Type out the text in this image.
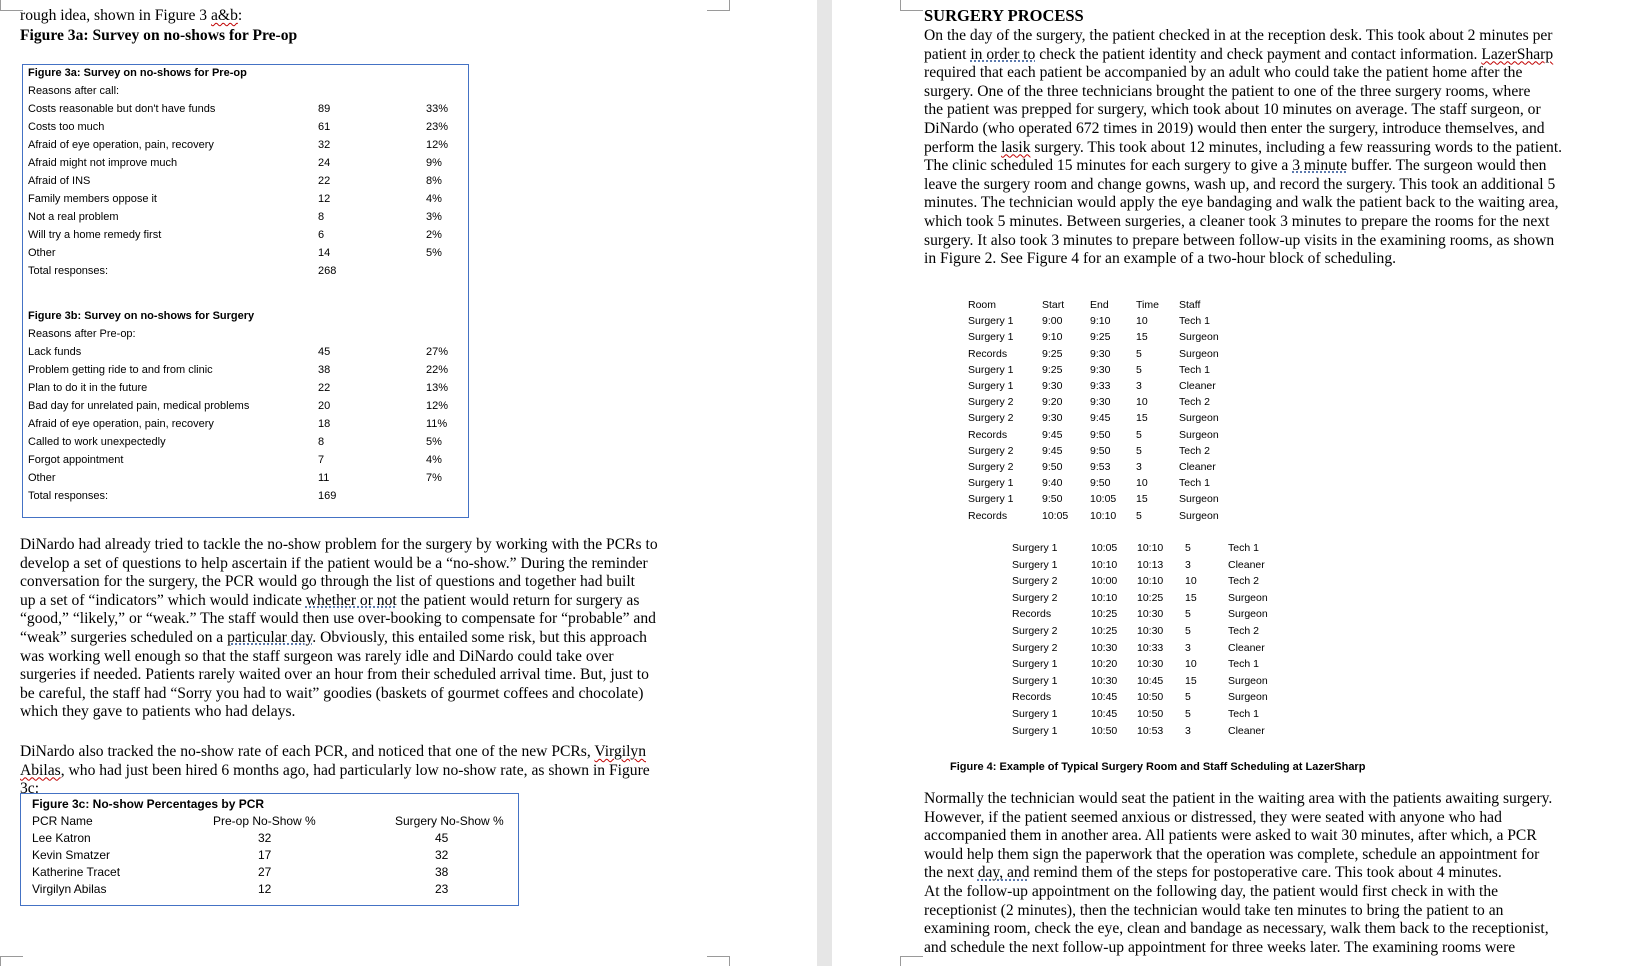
rough idea, shown in Figure 3 a&b:
Figure 3a: Survey on no-shows for Pre-op
Figure 3a: Survey on no-shows for Pre-op		
Reasons after call:		
Costs reasonable but don't have funds	89	33%
Costs too much	61	23%
Afraid of eye operation, pain, recovery	32	12%
Afraid might not improve much	24	9%
Afraid of INS	22	8%
Family members oppose it	12	4%
Not a real problem	8	3%
Will try a home remedy first	6	2%
Other	14	5%
Total responses:	268	
Figure 3b: Survey on no-shows for Surgery		
Reasons after Pre-op:		
Lack funds	45	27%
Problem getting ride to and from clinic	38	22%
Plan to do it in the future	22	13%
Bad day for unrelated pain, medical problems	20	12%
Afraid of eye operation, pain, recovery	18	11%
Called to work unexpectedly	8	5%
Forgot appointment	7	4%
Other	11	7%
Total responses:	169	
DiNardo had already tried to tackle the no-show problem for the surgery by working with the PCRs to
develop a set of questions to help ascertain if the patient would be a “no-show.” During the reminder
conversation for the surgery, the PCR would go through the list of questions and together had built
up a set of “indicators” which would indicate whether or not the patient would return for surgery as
“good,” “likely,” or “weak.” The staff would then use over-booking to compensate for “probable” and
“weak” surgeries scheduled on a particular day. Obviously, this entailed some risk, but this approach
was working well enough so that the staff surgeon was rarely idle and DiNardo could take over
surgeries if needed. Patients rarely waited over an hour from their scheduled arrival time. But, just to
be careful, the staff had “Sorry you had to wait” goodies (baskets of gourmet coffees and chocolate)
which they gave to patients who had delays.
DiNardo also tracked the no-show rate of each PCR, and noticed that one of the new PCRs, Virgilyn
Abilas, who had just been hired 6 months ago, had particularly low no-show rate, as shown in Figure
3c:
Figure 3c: No-show Percentages by PCR
PCR Name	Pre-op No-Show %	Surgery No-Show %
Lee Katron	32	45
Kevin Smatzer	17	32
Katherine Tracet	27	38
Virgilyn Abilas	12	23
SURGERY PROCESS
On the day of the surgery, the patient checked in at the reception desk. This took about 2 minutes per
patient in order to check the patient identity and check payment and contact information. LazerSharp
required that each patient be accompanied by an adult who could take the patient home after the
surgery. One of the three technicians brought the patient to one of the three surgery rooms, where
the patient was prepped for surgery, which took about 10 minutes on average. The staff surgeon, or
DiNardo (who operated 672 times in 2019) would then enter the surgery, introduce themselves, and
perform the lasik surgery. This took about 12 minutes, including a few reassuring words to the patient.
The clinic scheduled 15 minutes for each surgery to give a 3 minute buffer. The surgeon would then
leave the surgery room and change gowns, wash up, and record the surgery. This took an additional 5
minutes. The technician would apply the eye bandaging and walk the patient back to the waiting area,
which took 5 minutes. Between surgeries, a cleaner took 3 minutes to prepare the rooms for the next
surgery. It also took 3 minutes to prepare between follow-up visits in the examining rooms, as shown
in Figure 2. See Figure 4 for an example of a two-hour block of scheduling.
Room	Start End	Time Staff
Surgery 1	9:00	9:10 10	Tech 1
Surgery 1	9:10	9:25 15	Surgeon
Records	9:25	9:30 5	Surgeon
Surgery 1	9:25	9:30 5	Tech 1
Surgery 1	9:30	9:33 3	Cleaner
Surgery 2	9:20	9:30 10	Tech 2
Surgery 2	9:30	9:45 15	Surgeon
Records	9:45	9:50 5	Surgeon
Surgery 2	9:45	9:50 5	Tech 2
Surgery 2	9:50	9:53 3	Cleaner
Surgery 1	9:40	9:50 10	Tech 1
Surgery 1	9:50	10:05 15	Surgeon
Records	10:05 10:10 5	Surgeon
Surgery 1	10:05 10:10 5	Tech 1
Surgery 1	10:10 10:13 3	Cleaner
Surgery 2	10:00 10:10 10	Tech 2
Surgery 2	10:10 10:25 15	Surgeon
Records	10:25 10:30 5	Surgeon
Surgery 2	10:25 10:30 5	Tech 2
Surgery 2	10:30 10:33 3	Cleaner
Surgery 1	10:20 10:30 10	Tech 1
Surgery 1	10:30 10:45 15	Surgeon
Records	10:45 10:50 5	Surgeon
Surgery 1	10:45 10:50 5	Tech 1
Surgery 1	10:50 10:53 3	Cleaner
Figure 4: Example of Typical Surgery Room and Staff Scheduling at LazerSharp
Normally the technician would seat the patient in the waiting area with the patients awaiting surgery.
However, if the patient seemed anxious or distressed, they were seated with anyone who had
accompanied them in another area. All patients were asked to wait 30 minutes, after which, a PCR
would help them sign the paperwork that the operation was complete, schedule an appointment for
the next day, and remind them of the steps for postoperative care. This took about 4 minutes.
At the follow-up appointment on the following day, the patient would first check in with the
receptionist (2 minutes), then the technician would take ten minutes to bring the patient to an
examining room, check the eye, clean and bandage as necessary, walk them back to the receptionist,
and schedule the next follow-up appointment for three weeks later. The examining rooms were
